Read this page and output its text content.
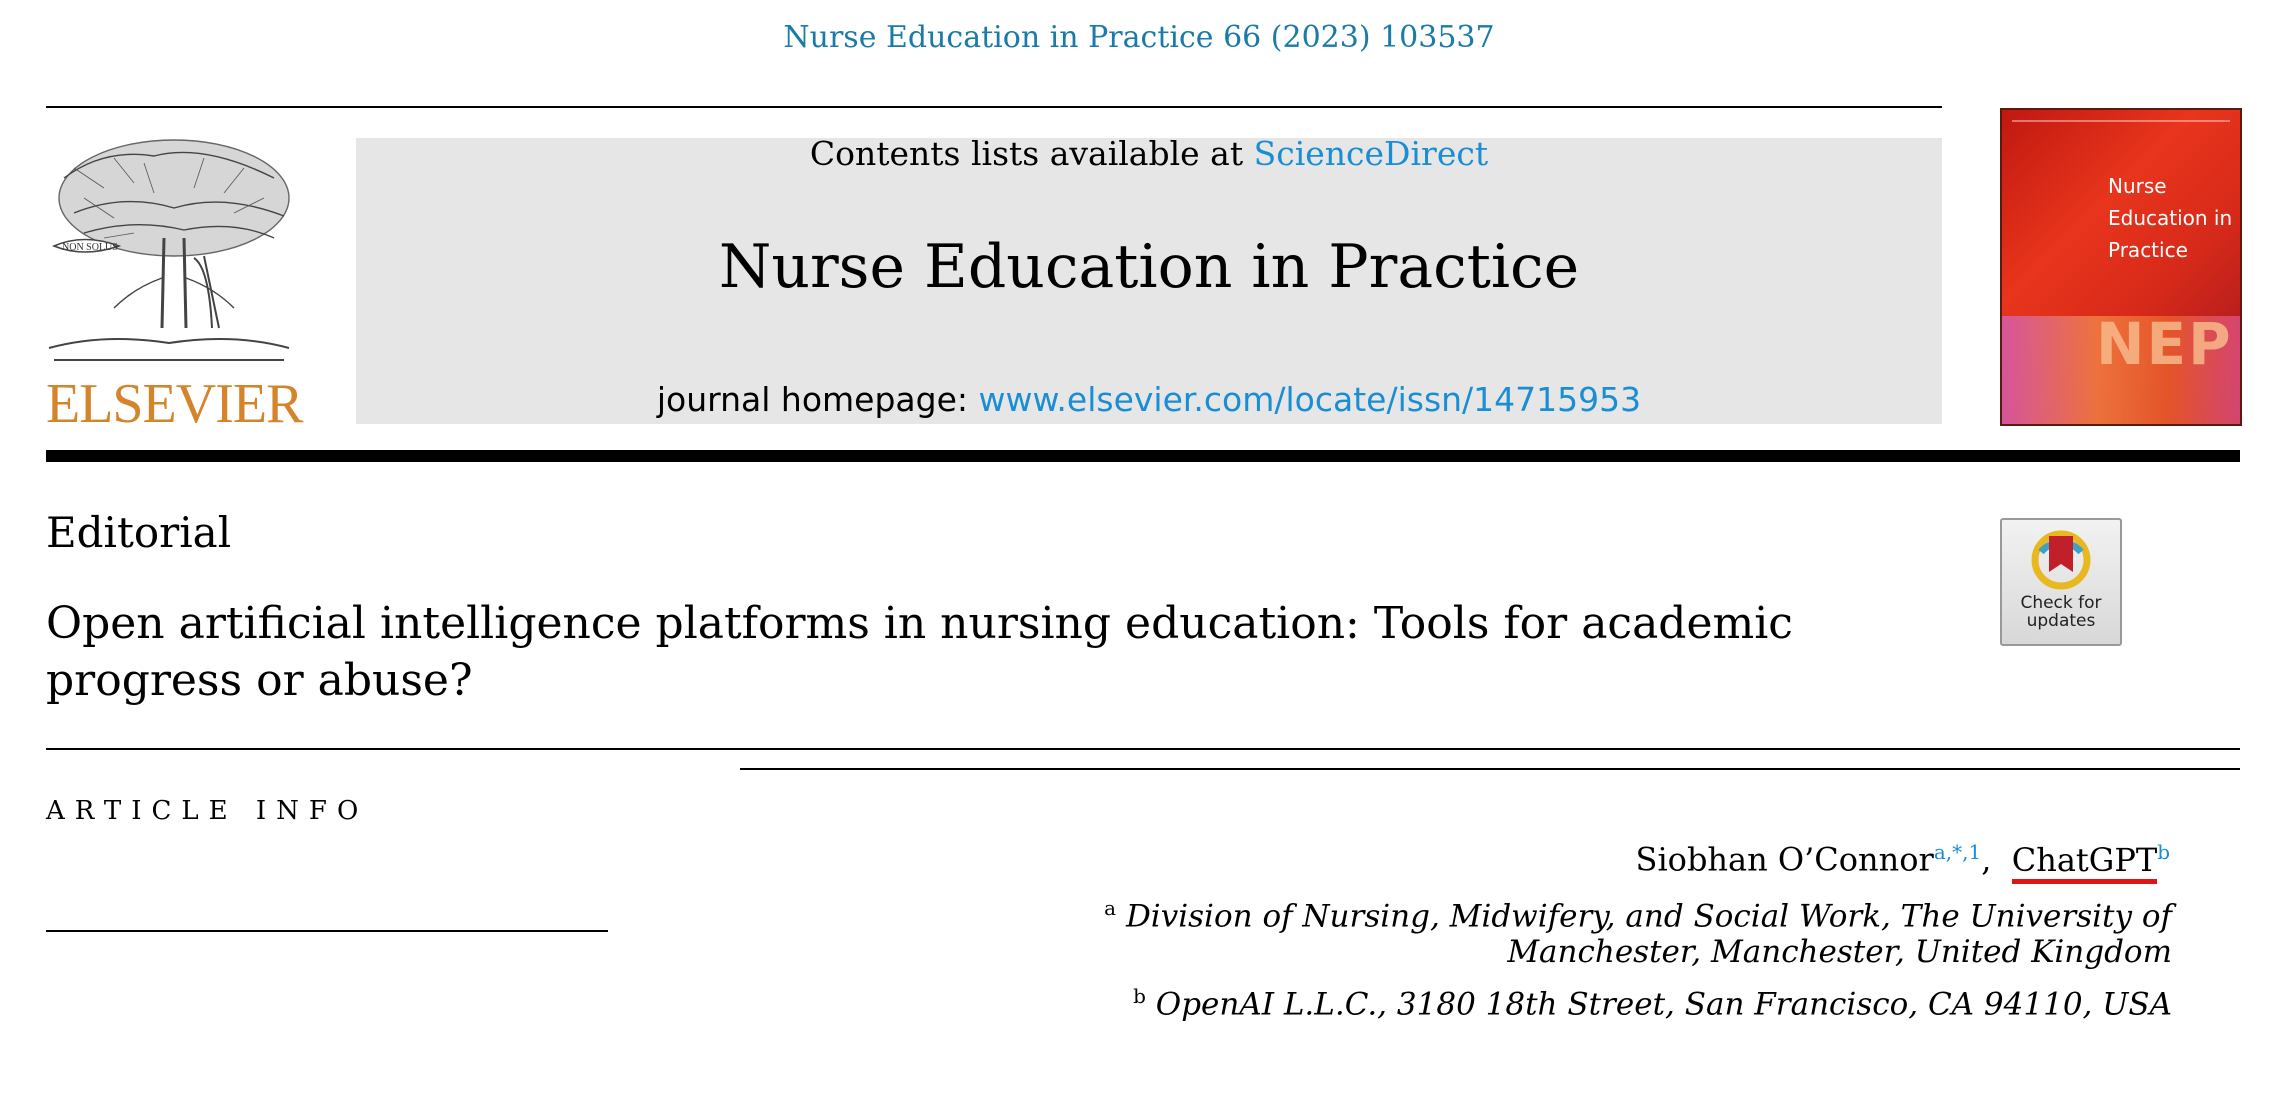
Nurse Education in Practice 66 (2023) 103537
NON SOLUS
ELSEVIER
Contents lists available at ScienceDirect
Nurse Education in Practice
journal homepage: www.elsevier.com/locate/issn/14715953
Nurse Education in Practice
NEP
Editorial
Open artificial intelligence platforms in nursing education: Tools for academic progress or abuse?
Check for updates
ARTICLE INFO
Siobhan O’Connor$^{a,*,1}$,  ChatGPT$^b$
$^a$ Division of Nursing, Midwifery, and Social Work, The University of
Manchester, Manchester, United Kingdom
$^b$ OpenAI L.L.C., 3180 18th Street, San Francisco, CA 94110, USA
